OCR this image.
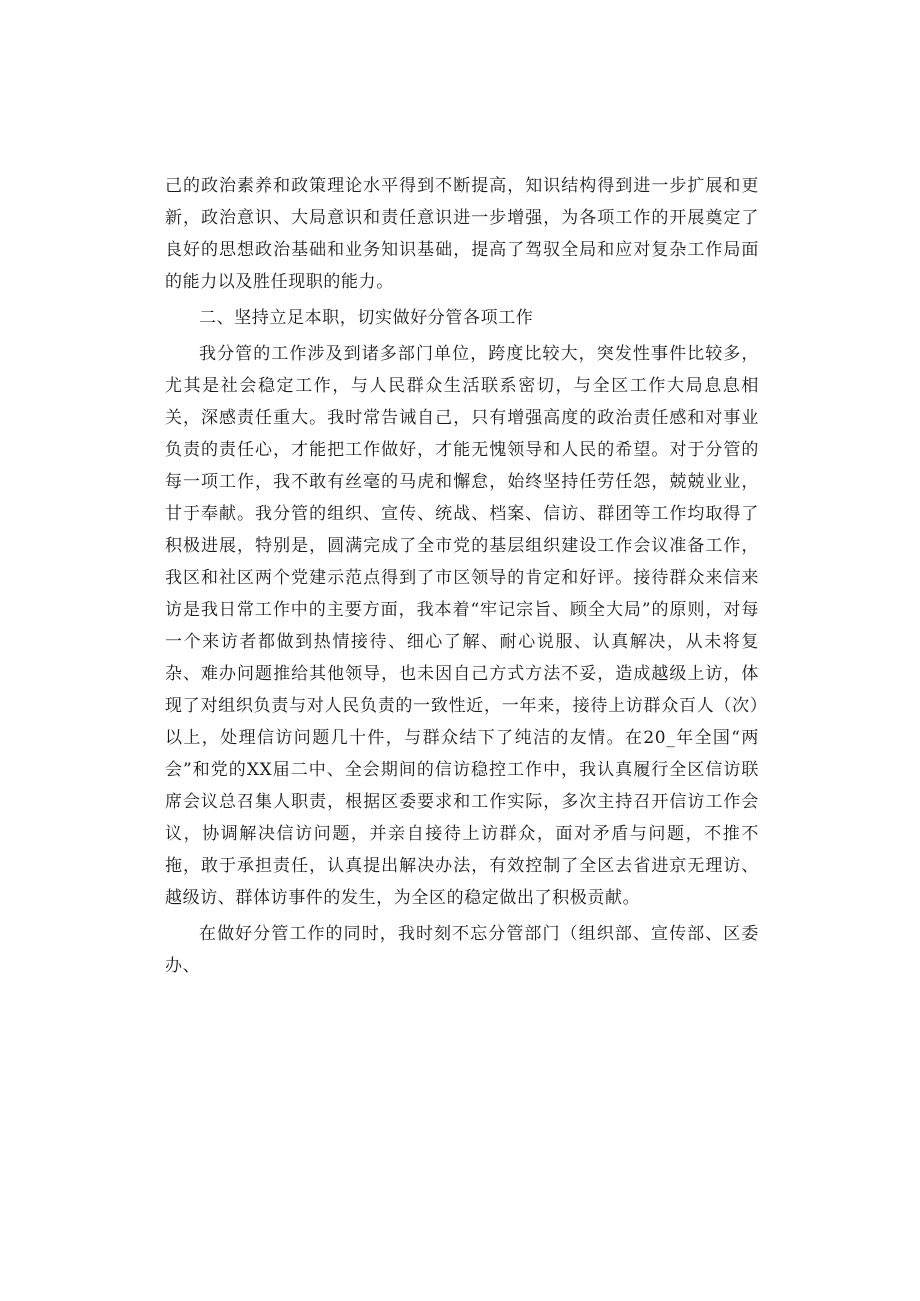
己的政治素养和政策理论水平得到不断提高，知识结构得到进一步扩展和更新，政治意识、大局意识和责任意识进一步增强，为各项工作的开展奠定了良好的思想政治基础和业务知识基础，提高了驾驭全局和应对复杂工作局面的能力以及胜任现职的能力。

二、坚持立足本职，切实做好分管各项工作

我分管的工作涉及到诸多部门单位，跨度比较大，突发性事件比较多，尤其是社会稳定工作，与人民群众生活联系密切，与全区工作大局息息相关，深感责任重大。我时常告诫自己，只有增强高度的政治责任感和对事业负责的责任心，才能把工作做好，才能无愧领导和人民的希望。对于分管的每一项工作，我不敢有丝毫的马虎和懈怠，始终坚持任劳任怨，兢兢业业，甘于奉献。我分管的组织、宣传、统战、档案、信访、群团等工作均取得了积极进展，特别是，圆满完成了全市党的基层组织建设工作会议准备工作，我区和社区两个党建示范点得到了市区领导的肯定和好评。接待群众来信来访是我日常工作中的主要方面，我本着“牢记宗旨、顾全大局”的原则，对每一个来访者都做到热情接待、细心了解、耐心说服、认真解决，从未将复杂、难办问题推给其他领导，也未因自己方式方法不妥，造成越级上访，体现了对组织负责与对人民负责的一致性近，一年来，接待上访群众百人（次）以上，处理信访问题几十件，与群众结下了纯洁的友情。在20_年全国“两会”和党的XX届二中、全会期间的信访稳控工作中，我认真履行全区信访联席会议总召集人职责，根据区委要求和工作实际，多次主持召开信访工作会议，协调解决信访问题，并亲自接待上访群众，面对矛盾与问题，不推不拖，敢于承担责任，认真提出解决办法，有效控制了全区去省进京无理访、越级访、群体访事件的发生，为全区的稳定做出了积极贡献。

在做好分管工作的同时，我时刻不忘分管部门（组织部、宣传部、区委办、
